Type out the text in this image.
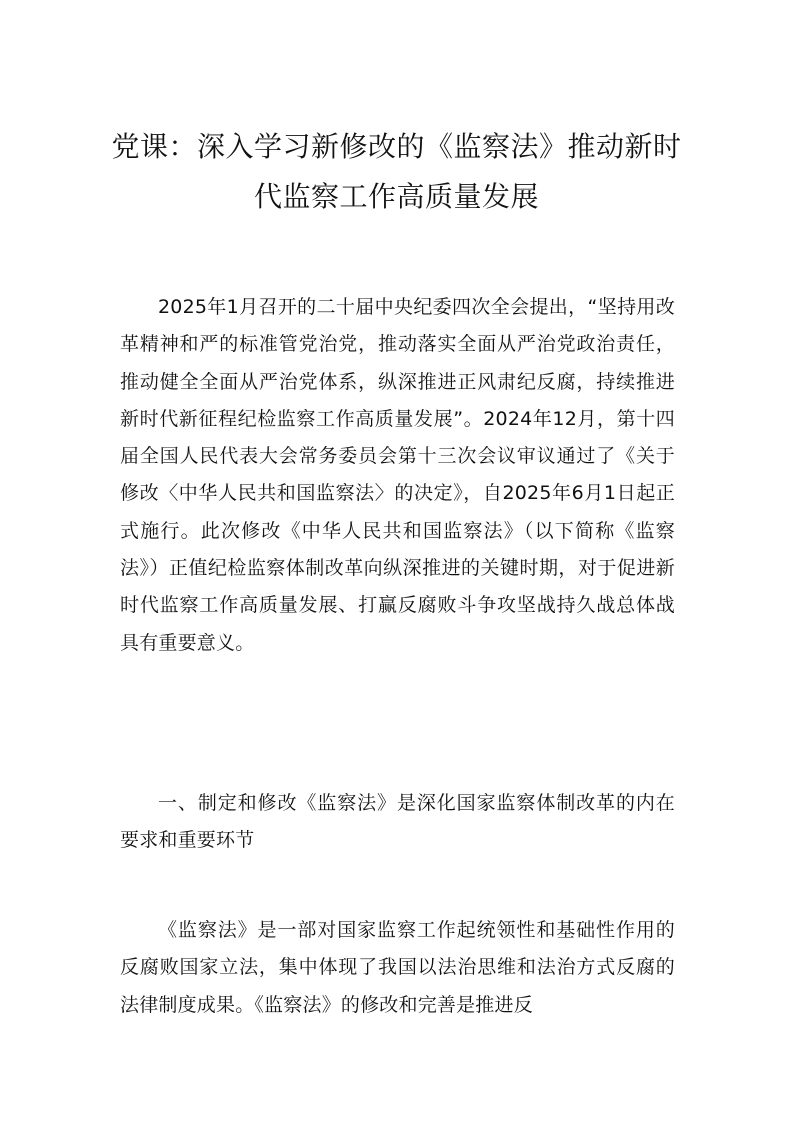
党课：深入学习新修改的《监察法》推动新时代监察工作高质量发展

2025年1月召开的二十届中央纪委四次全会提出，“坚持用改革精神和严的标准管党治党，推动落实全面从严治党政治责任，推动健全全面从严治党体系，纵深推进正风肃纪反腐，持续推进新时代新征程纪检监察工作高质量发展”。2024年12月，第十四届全国人民代表大会常务委员会第十三次会议审议通过了《关于修改〈中华人民共和国监察法〉的决定》，自2025年6月1日起正式施行。此次修改《中华人民共和国监察法》（以下简称《监察法》）正值纪检监察体制改革向纵深推进的关键时期，对于促进新时代监察工作高质量发展、打赢反腐败斗争攻坚战持久战总体战具有重要意义。

一、制定和修改《监察法》是深化国家监察体制改革的内在要求和重要环节

《监察法》是一部对国家监察工作起统领性和基础性作用的反腐败国家立法，集中体现了我国以法治思维和法治方式反腐的法律制度成果。《监察法》的修改和完善是推进反
